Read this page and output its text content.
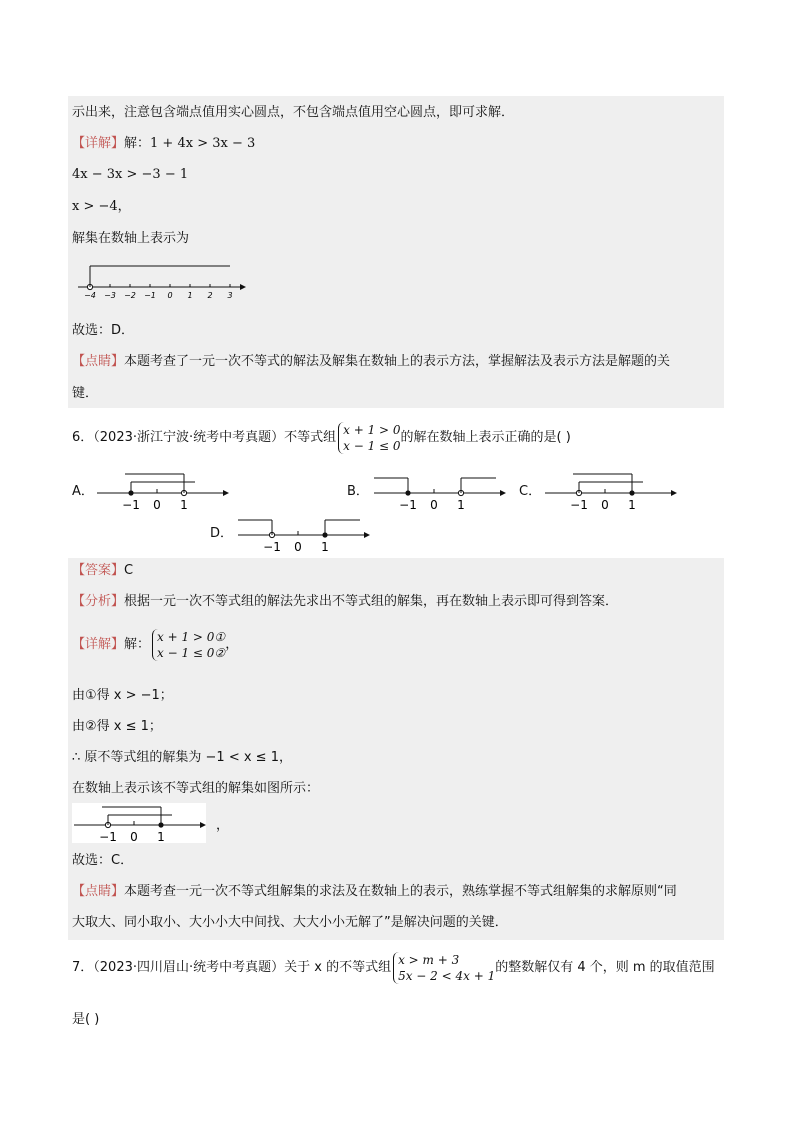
示出来，注意包含端点值用实心圆点，不包含端点值用空心圆点，即可求解．
【详解】解：1 + 4x > 3x − 3
4x − 3x > −3 − 1
x > −4，
解集在数轴上表示为
−4 −3 −2 −1 0 1 2 3
故选：D．
【点睛】本题考查了一元一次不等式的解法及解集在数轴上的表示方法，掌握解法及表示方法是解题的关
键．
6．（2023·浙江宁波·统考中考真题）不等式组x + 1 > 0
x − 1 ≤ 0的解在数轴上表示正确的是( )
A．
−1 0 1
B．
−1 0 1
C．
−1 0 1
D．
−1 0 1
【答案】C
【分析】根据一元一次不等式组的解法先求出不等式组的解集，再在数轴上表示即可得到答案．
【详解】解：x + 1 > 0①
x − 1 ≤ 0②，
由①得 x > −1；
由②得 x ≤ 1；
∴ 原不等式组的解集为 −1 < x ≤ 1，
在数轴上表示该不等式组的解集如图所示：
−1 0 1
，
故选：C．
【点睛】本题考查一元一次不等式组解集的求法及在数轴上的表示，熟练掌握不等式组解集的求解原则“同
大取大、同小取小、大小小大中间找、大大小小无解了”是解决问题的关键．
7．（2023·四川眉山·统考中考真题）关于 x 的不等式组x > m + 3
5x − 2 < 4x + 1的整数解仅有 4 个，则 m 的取值范围
是( )
